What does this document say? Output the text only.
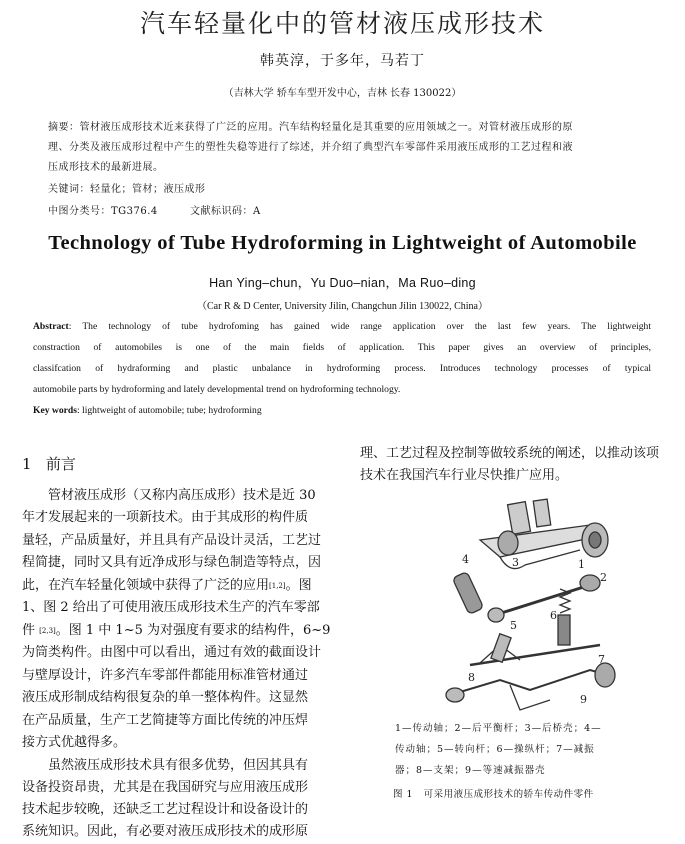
汽车轻量化中的管材液压成形技术
韩英淳，于多年，马若丁
（吉林大学 轿车车型开发中心，吉林 长春 130022）
摘要：管材液压成形技术近来获得了广泛的应用。汽车结构轻量化是其重要的应用领域之一。对管材液压成形的原
理、分类及液压成形过程中产生的塑性失稳等进行了综述，并介绍了典型汽车零部件采用液压成形的工艺过程和液
压成形技术的最新进展。
关键词：轻量化；管材；液压成形
中图分类号：TG376.4	文献标识码：A
Technology of Tube Hydroforming in Lightweight of Automobile
Han Ying–chun，Yu Duo–nian，Ma Ruo–ding
（Car R & D Center, University Jilin, Changchun Jilin 130022, China）
Abstract: The technology of tube hydrofoming has gained wide range application over the last few years. The lightweight
constraction of automobiles is one of the main fields of application. This paper gives an overview of principles,
classifcation of hydraforming and plastic unbalance in hydroforming process. Introduces technology processes of typical
automobile parts by hydroforming and lately developmental trend on hydroforming technology.
Key words: lightweight of automobile; tube; hydroforming
1 前言
管材液压成形（又称内高压成形）技术是近 30
年才发展起来的一项新技术。由于其成形的构件质
量轻，产品质量好，并且具有产品设计灵活，工艺过
程简捷，同时又具有近净成形与绿色制造等特点，因
此，在汽车轻量化领域中获得了广泛的应用[1,2]。图
1、图 2 给出了可使用液压成形技术生产的汽车零部
件 [2,3]。图 1 中 1~5 为对强度有要求的结构件，6~9
为筒类构件。由图中可以看出，通过有效的截面设计
与壁厚设计，许多汽车零部件都能用标准管材通过
液压成形制成结构很复杂的单一整体构件。这显然
在产品质量，生产工艺简捷等方面比传统的冲压焊
接方式优越得多。
虽然液压成形技术具有很多优势，但因其具有
设备投资昂贵，尤其是在我国研究与应用液压成形
技术起步较晚，还缺乏工艺过程设计和设备设计的
系统知识。因此，有必要对液压成形技术的成形原
理、工艺过程及控制等做较系统的阐述，以推动该项
技术在我国汽车行业尽快推广应用。
4	3
2
1
6
5
7
8
9
1—传动轴；2—后平衡杆；3—后桥壳；4—
传动轴；5—转向杆；6—操纵杆；7—减振
器；8—支架；9—等速减振器壳
图 1 可采用液压成形技术的轿车传动件零件
